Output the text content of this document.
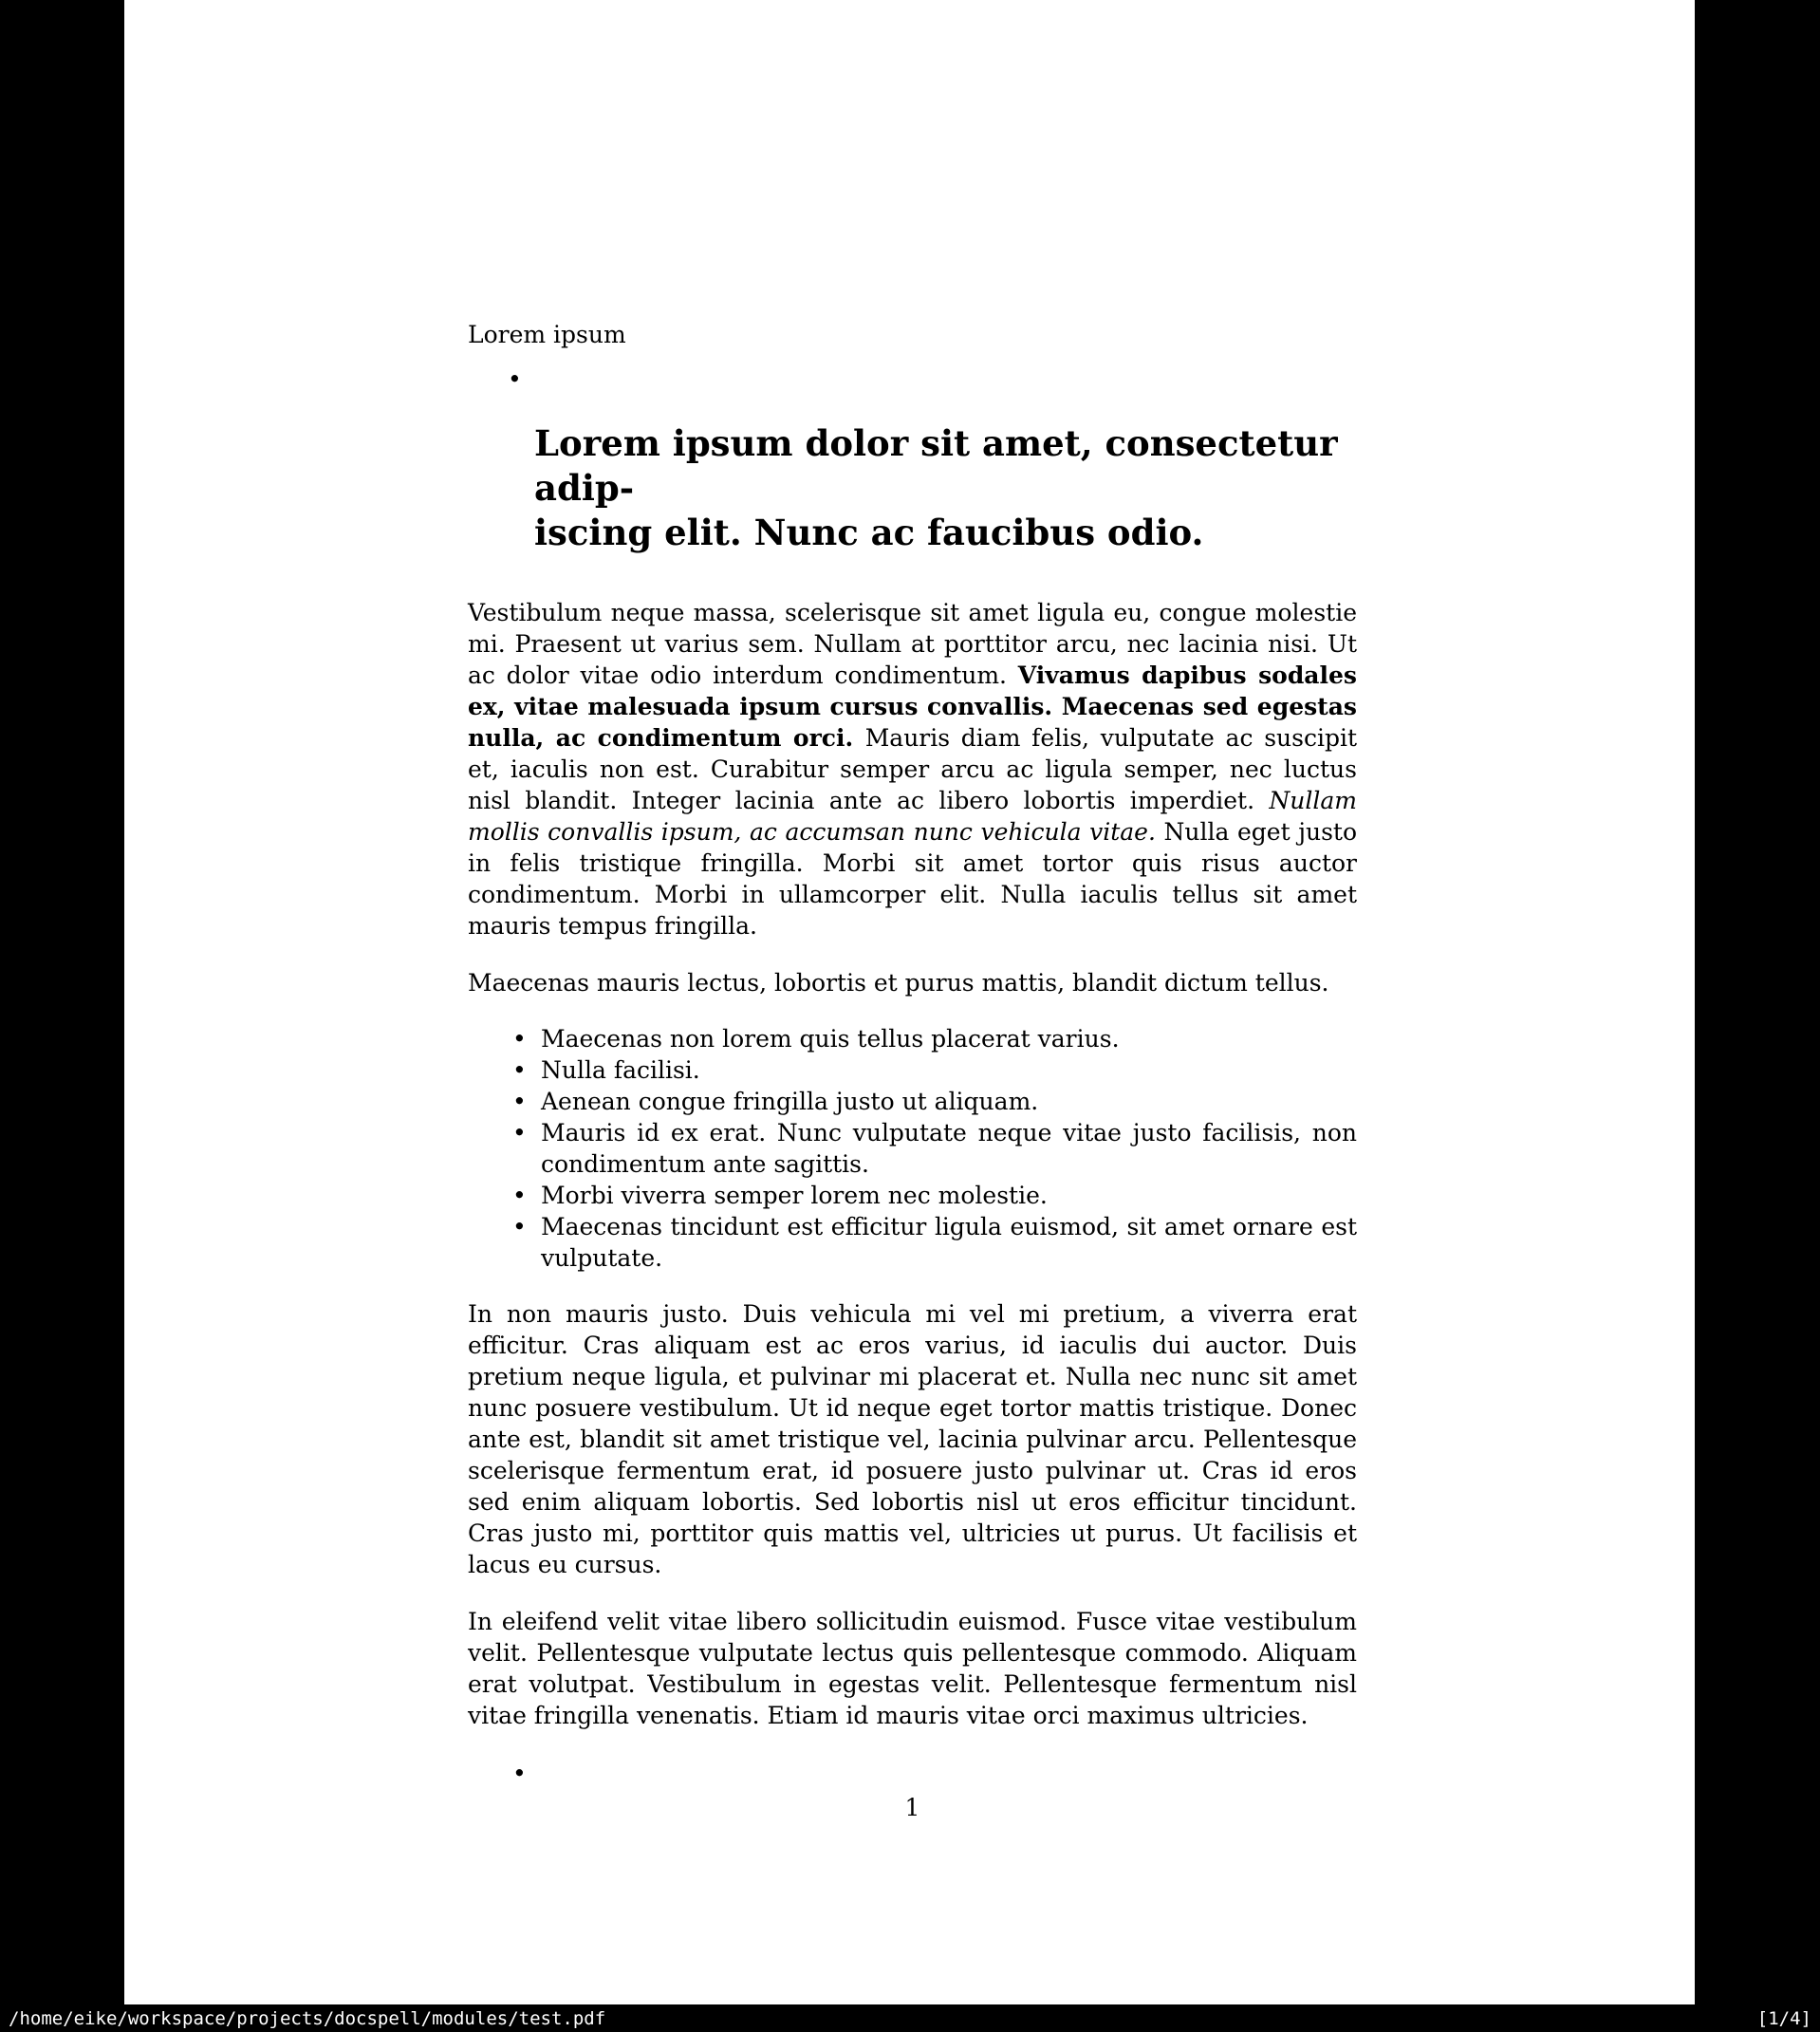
Lorem ipsum
•
Lorem ipsum dolor sit amet, consectetur adip-
iscing elit. Nunc ac faucibus odio.

Vestibulum neque massa, scelerisque sit amet ligula eu, congue molestie mi. Praesent ut varius sem. Nullam at porttitor arcu, nec lacinia nisi. Ut ac dolor vitae odio interdum condimentum. Vivamus dapibus sodales ex, vitae malesuada ipsum cursus convallis. Maecenas sed egestas nulla, ac condimentum orci. Mauris diam felis, vulputate ac suscipit et, iaculis non est. Curabitur semper arcu ac ligula semper, nec luctus nisl blandit. Integer lacinia ante ac libero lobortis imperdiet. Nullam mollis convallis ipsum, ac accumsan nunc vehicula vitae. Nulla eget justo in felis tristique fringilla. Morbi sit amet tortor quis risus auctor condimentum. Morbi in ullamcorper elit. Nulla iaculis tellus sit amet mauris tempus fringilla.

Maecenas mauris lectus, lobortis et purus mattis, blandit dictum tellus.

• Maecenas non lorem quis tellus placerat varius.
• Nulla facilisi.
• Aenean congue fringilla justo ut aliquam.
• Mauris id ex erat. Nunc vulputate neque vitae justo facilisis, non condimentum ante sagittis.
• Morbi viverra semper lorem nec molestie.
• Maecenas tincidunt est efficitur ligula euismod, sit amet ornare est vulputate.

In non mauris justo. Duis vehicula mi vel mi pretium, a viverra erat efficitur. Cras aliquam est ac eros varius, id iaculis dui auctor. Duis pretium neque ligula, et pulvinar mi placerat et. Nulla nec nunc sit amet nunc posuere vestibulum. Ut id neque eget tortor mattis tristique. Donec ante est, blandit sit amet tristique vel, lacinia pulvinar arcu. Pellentesque scelerisque fermentum erat, id posuere justo pulvinar ut. Cras id eros sed enim aliquam lobortis. Sed lobortis nisl ut eros efficitur tincidunt. Cras justo mi, porttitor quis mattis vel, ultricies ut purus. Ut facilisis et lacus eu cursus.

In eleifend velit vitae libero sollicitudin euismod. Fusce vitae vestibulum velit. Pellentesque vulputate lectus quis pellentesque commodo. Aliquam erat volutpat. Vestibulum in egestas velit. Pellentesque fermentum nisl vitae fringilla venenatis. Etiam id mauris vitae orci maximus ultricies.

•
1
/home/eike/workspace/projects/docspell/modules/test.pdf	[1/4]
